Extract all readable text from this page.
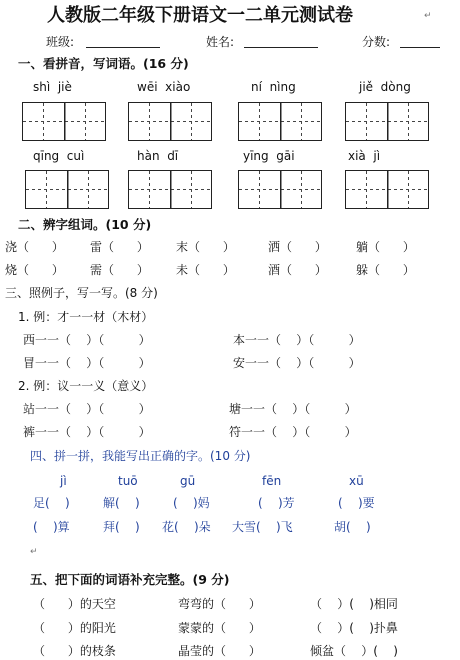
人教版二年级下册语文一二单元测试卷	↵
班级:	姓名:	分数:
一、看拼音，写词语。(16 分)
shì  jiè	wēi  xiào	ní  nìng	jiě  dòng
qīng  cuì	hàn  dī	yīng  gāi	xià  jì
二、辨字组词。(10 分)
浇（      ） 雷（      ） 末（      ）	洒（      ） 躺（      ）
烧（      ） 需（      ） 未（      ）	酒（      ） 躲（      ）
三、照例子，写一写。(8 分)
1. 例：才一一材（木材）
西一一（    ）（         ）	本一一（    ）（         ）
冒一一（    ）（         ）	安一一（    ）（         ）
2. 例：议一一义（意义）
站一一（    ）（         ）	塘一一（    ）（         ）
裤一一（    ）（         ）	符一一（    ）（         ）
四、拼一拼，我能写出正确的字。(10 分)
jì	tuō	gū	fēn	xū
足(    )	解(    )	(    )妈	(    )芳	(    )要
(    )算	拜(    ) 花(    )朵 大雪(    )飞	胡(    )
↵
五、把下面的词语补充完整。(9 分)
（      ）的天空	弯弯的（      ）	（    ）(    )相同
（      ）的阳光	蒙蒙的（      ）	（    ）(    )扑鼻
（      ）的枝条	晶莹的（      ）	倾盆（    ）(    )
